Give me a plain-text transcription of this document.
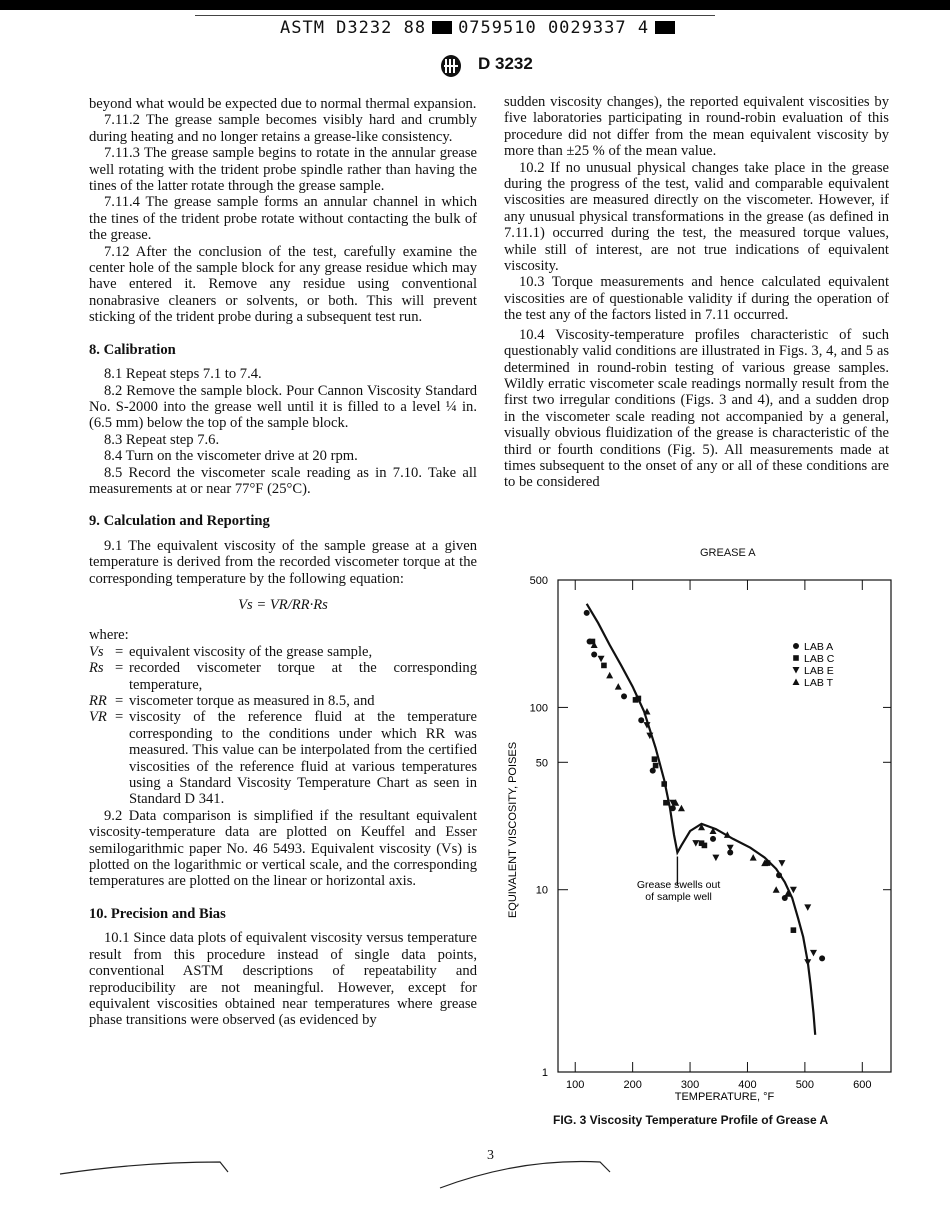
ASTM D3232 88 0759510 0029337 4
D 3232

beyond what would be expected due to normal thermal expansion.

7.11.2 The grease sample becomes visibly hard and crumbly during heating and no longer retains a grease-like consistency.

7.11.3 The grease sample begins to rotate in the annular grease well rotating with the trident probe spindle rather than having the tines of the latter rotate through the grease sample.

7.11.4 The grease sample forms an annular channel in which the tines of the trident probe rotate without contacting the bulk of the grease.

7.12 After the conclusion of the test, carefully examine the center hole of the sample block for any grease residue which may have entered it. Remove any residue using conventional nonabrasive cleaners or solvents, or both. This will prevent sticking of the trident probe during a subsequent test run.

8. Calibration

8.1 Repeat steps 7.1 to 7.4.

8.2 Remove the sample block. Pour Cannon Viscosity Standard No. S-2000 into the grease well until it is filled to a level ¼ in. (6.5 mm) below the top of the sample block.

8.3 Repeat step 7.6.

8.4 Turn on the viscometer drive at 20 rpm.

8.5 Record the viscometer scale reading as in 7.10. Take all measurements at or near 77°F (25°C).

9. Calculation and Reporting

9.1 The equivalent viscosity of the sample grease at a given temperature is derived from the recorded viscometer torque at the corresponding temperature by the following equation:

Vs = VR/RR·Rs

where:

Vs = equivalent viscosity of the grease sample,
Rs = recorded viscometer torque at the corresponding temperature,
RR = viscometer torque as measured in 8.5, and
VR = viscosity of the reference fluid at the temperature corresponding to the conditions under which RR was measured. This value can be interpolated from the certified viscosities of the reference fluid at various temperatures using a Standard Viscosity Temperature Chart as seen in Standard D 341.

9.2 Data comparison is simplified if the resultant equivalent viscosity-temperature data are plotted on Keuffel and Esser semilogarithmic paper No. 46 5493. Equivalent viscosity (Vs) is plotted on the logarithmic or vertical scale, and the corresponding temperatures are plotted on the linear or horizontal axis.

10. Precision and Bias

10.1 Since data plots of equivalent viscosity versus temperature result from this procedure instead of single data points, conventional ASTM descriptions of repeatability and reproducibility are not meaningful. However, except for equivalent viscosities obtained near temperatures where grease phase transitions were observed (as evidenced by

sudden viscosity changes), the reported equivalent viscosities by five laboratories participating in round-robin evaluation of this procedure did not differ from the mean equivalent viscosity by more than ±25 % of the mean value.

10.2 If no unusual physical changes take place in the grease during the progress of the test, valid and comparable equivalent viscosities are measured directly on the viscometer. However, if any unusual physical transformations in the grease (as defined in 7.11.1) occurred during the test, the measured torque values, while still of interest, are not true indications of equivalent viscosity.

10.3 Torque measurements and hence calculated equivalent viscosities are of questionable validity if during the operation of the test any of the factors listed in 7.11 occurred.

10.4 Viscosity-temperature profiles characteristic of such questionably valid conditions are illustrated in Figs. 3, 4, and 5 as determined in round-robin testing of various grease samples. Wildly erratic viscometer scale readings normally result from the first two irregular conditions (Figs. 3 and 4), and a sudden drop in the viscometer scale reading not accompanied by a general, visually obvious fluidization of the grease is characteristic of the third or fourth conditions (Fig. 5). All measurements made at times subsequent to the onset of any or all of these conditions are to be considered

GREASE A
100	200	300	400	500	600
1
10
50
100
500
TEMPERATURE, °F
EQUIVALENT VISCOSITY, POISES
LAB A
LAB C
LAB E
LAB T
Grease swells out
of sample well
FIG. 3 Viscosity Temperature Profile of Grease A
3
